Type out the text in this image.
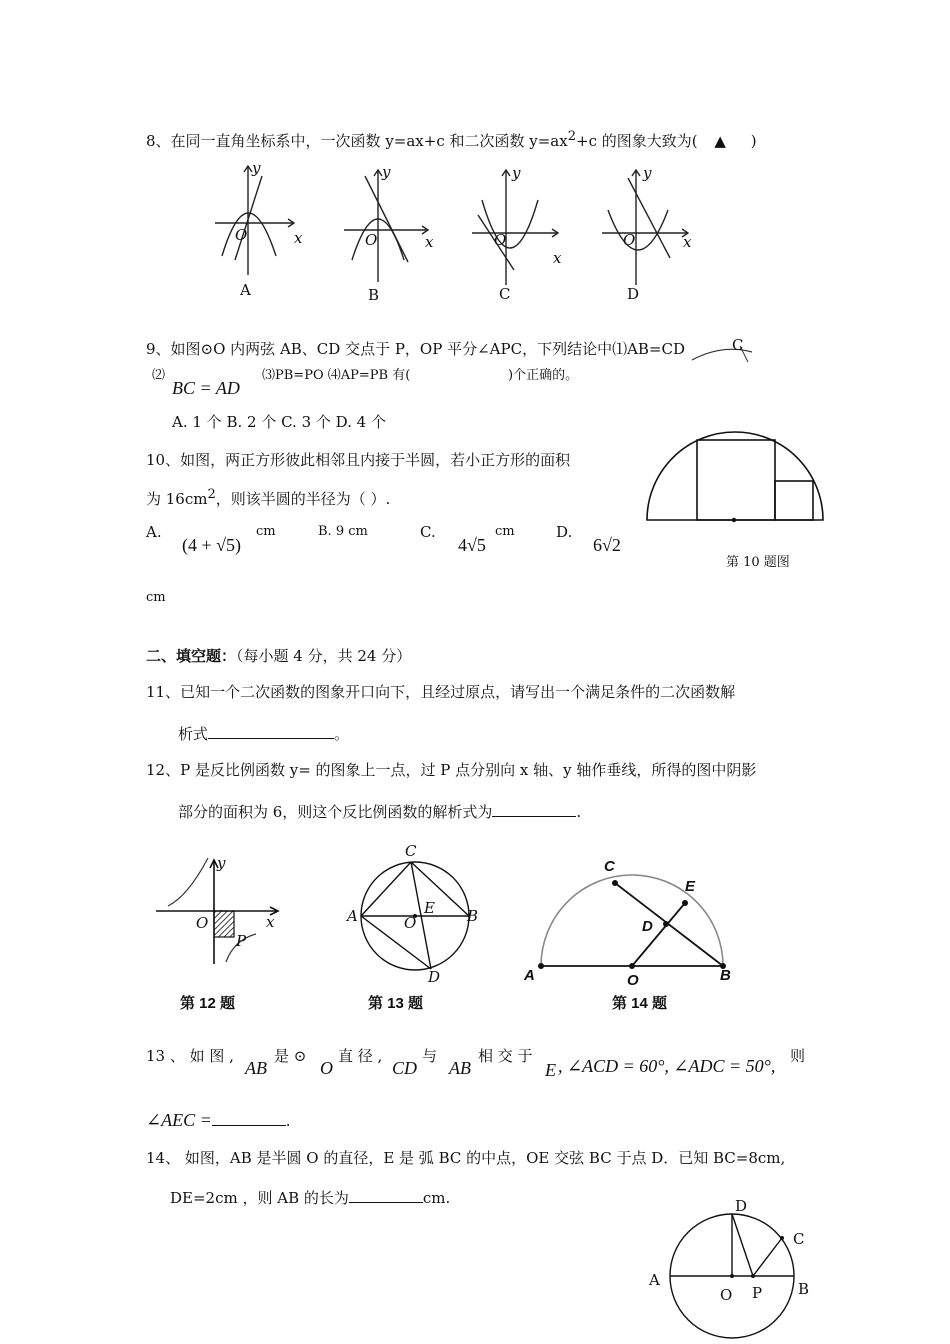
8、在同一直角坐标系中，一次函数 y=ax+c 和二次函数 $y=ax^2+c$ 的图象大致为( ▲ )
y
x
O
A
y
x
O
B
y
x
O
C
y
x
O
D
9、如图⊙O 内两弦 AB、CD 交点于 P，OP 平分∠APC，下列结论中⑴AB=CD	C
⑵
BC = AD
⑶PB=PO ⑷AP=PB 有(	)个正确的。
A. 1 个 B. 2 个 C. 3 个 D. 4 个
10、如图，两正方形彼此相邻且内接于半圆，若小正方形的面积
为 $16cm^2$，则该半圆的半径为（ ）.
A.
(4 + √5)
cm	B. 9 cm	C.
4√5
cm	D.
6√2
cm
第 10 题图
二、填空题：（每小题 4 分，共 24 分）
11、已知一个二次函数的图象开口向下，且经过原点，请写出一个满足条件的二次函数解
析式	。
12、P 是反比例函数 y= 的图象上一点，过 P 点分别向 x 轴、y 轴作垂线，所得的图中阴影
部分的面积为 6，则这个反比例函数的解析式为	.
y
x
O
P
第 12 题
C
A	B
E
O
D
第 13 题
C
E
D
A	O	B
第 14 题
13 、 如 图 ,
AB
是 ⊙
O
直 径 ,
CD
与
AB
相 交 于
E , ∠ACD = 60°, ∠ADC = 50°, 则
∠AEC =	.
14、 如图，AB 是半圆 O 的直径，E 是 弧 BC 的中点，OE 交弦 BC 于点 D．已知 BC=8cm,
DE=2cm ，则 AB 的长为	cm.	D
C
A
O P B
